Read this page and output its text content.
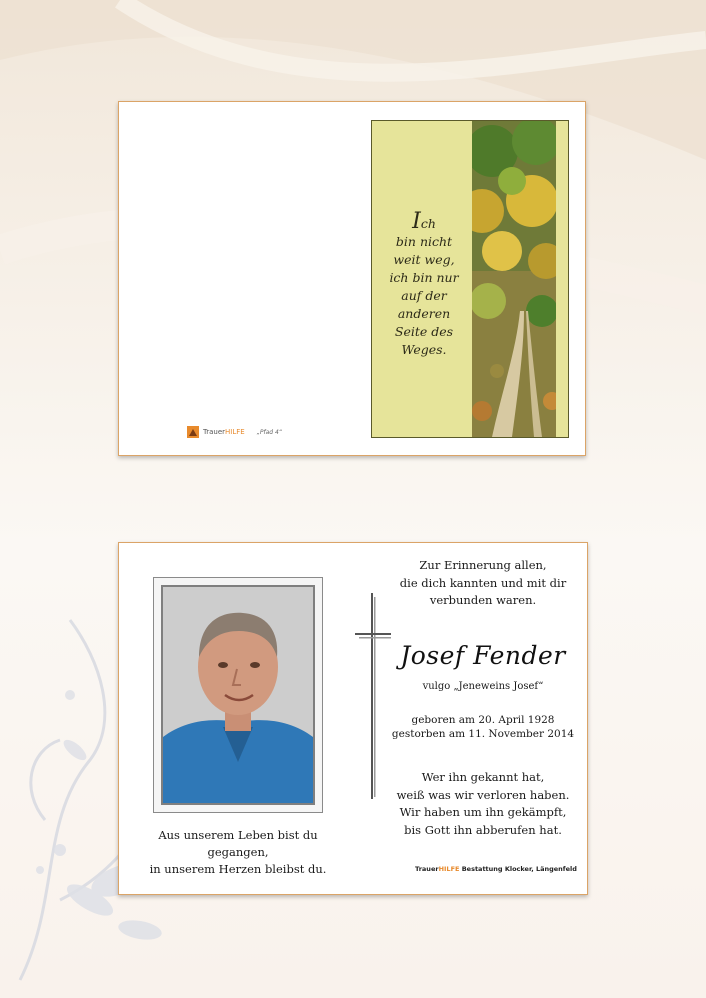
Ich
bin nicht
weit weg,
ich bin nur
auf der
anderen
Seite des
Weges.

Trauer HILFE „Pfad 4“

Aus unserem Leben bist du gegangen,
in unserem Herzen bleibst du.

Zur Erinnerung allen,
die dich kannten und mit dir
verbunden waren.
Josef Fender
vulgo „Jeneweins Josef“
geboren am 20. April 1928
gestorben am 11. November 2014
Wer ihn gekannt hat,
weiß was wir verloren haben.
Wir haben um ihn gekämpft,
bis Gott ihn abberufen hat.
TrauerHILFE Bestattung Klocker, Längenfeld
